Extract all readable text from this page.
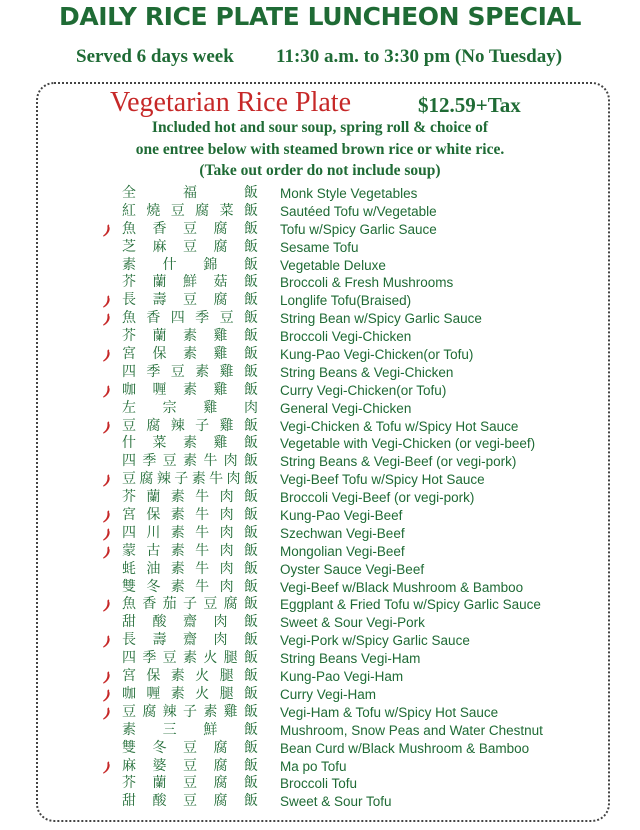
DAILY RICE PLATE LUNCHEON SPECIAL
Served 6 days week 11:30 a.m. to 3:30 pm (No Tuesday)
Vegetarian Rice Plate	$12.59+Tax
Included hot and sour soup, spring roll & choice of
one entree below with steamed brown rice or white rice.
(Take out order do not include soup)
全	福	飯 Monk Style Vegetables
紅 燒 豆 腐 菜 飯 Sautéed Tofu w/Vegetable
魚 香 豆 腐 飯 Tofu w/Spicy Garlic Sauce
芝 麻 豆 腐 飯 Sesame Tofu
素 什 錦 飯 Vegetable Deluxe
芥 蘭 鮮 菇 飯 Broccoli & Fresh Mushrooms
長 壽 豆 腐 飯 Longlife Tofu(Braised)
魚 香 四 季 豆 飯 String Bean w/Spicy Garlic Sauce
芥 蘭 素 雞 飯 Broccoli Vegi-Chicken
宮 保 素 雞 飯 Kung-Pao Vegi-Chicken(or Tofu)
四 季 豆 素 雞 飯 String Beans & Vegi-Chicken
咖 喱 素 雞 飯 Curry Vegi-Chicken(or Tofu)
左 宗 雞 肉 General Vegi-Chicken
豆 腐 辣 子 雞 飯 Vegi-Chicken & Tofu w/Spicy Hot Sauce
什 菜 素 雞 飯 Vegetable with Vegi-Chicken (or vegi-beef)
四 季 豆 素 牛 肉 飯 String Beans & Vegi-Beef (or vegi-pork)
豆 腐 辣 子 素 牛 肉 飯 Vegi-Beef Tofu w/Spicy Hot Sauce
芥 蘭 素 牛 肉 飯 Broccoli Vegi-Beef (or vegi-pork)
宮 保 素 牛 肉 飯 Kung-Pao Vegi-Beef
四 川 素 牛 肉 飯 Szechwan Vegi-Beef
蒙 古 素 牛 肉 飯 Mongolian Vegi-Beef
蚝 油 素 牛 肉 飯 Oyster Sauce Vegi-Beef
雙 冬 素 牛 肉 飯 Vegi-Beef w/Black Mushroom & Bamboo
魚 香 茄 子 豆 腐 飯 Eggplant & Fried Tofu w/Spicy Garlic Sauce
甜 酸 齋 肉 飯 Sweet & Sour Vegi-Pork
長 壽 齋 肉 飯 Vegi-Pork w/Spicy Garlic Sauce
四 季 豆 素 火 腿 飯 String Beans Vegi-Ham
宮 保 素 火 腿 飯 Kung-Pao Vegi-Ham
咖 喱 素 火 腿 飯 Curry Vegi-Ham
豆 腐 辣 子 素 雞 飯 Vegi-Ham & Tofu w/Spicy Hot Sauce
素 三 鮮 飯 Mushroom, Snow Peas and Water Chestnut
雙 冬 豆 腐 飯 Bean Curd w/Black Mushroom & Bamboo
麻 婆 豆 腐 飯 Ma po Tofu
芥 蘭 豆 腐 飯 Broccoli Tofu
甜 酸 豆 腐 飯 Sweet & Sour Tofu
